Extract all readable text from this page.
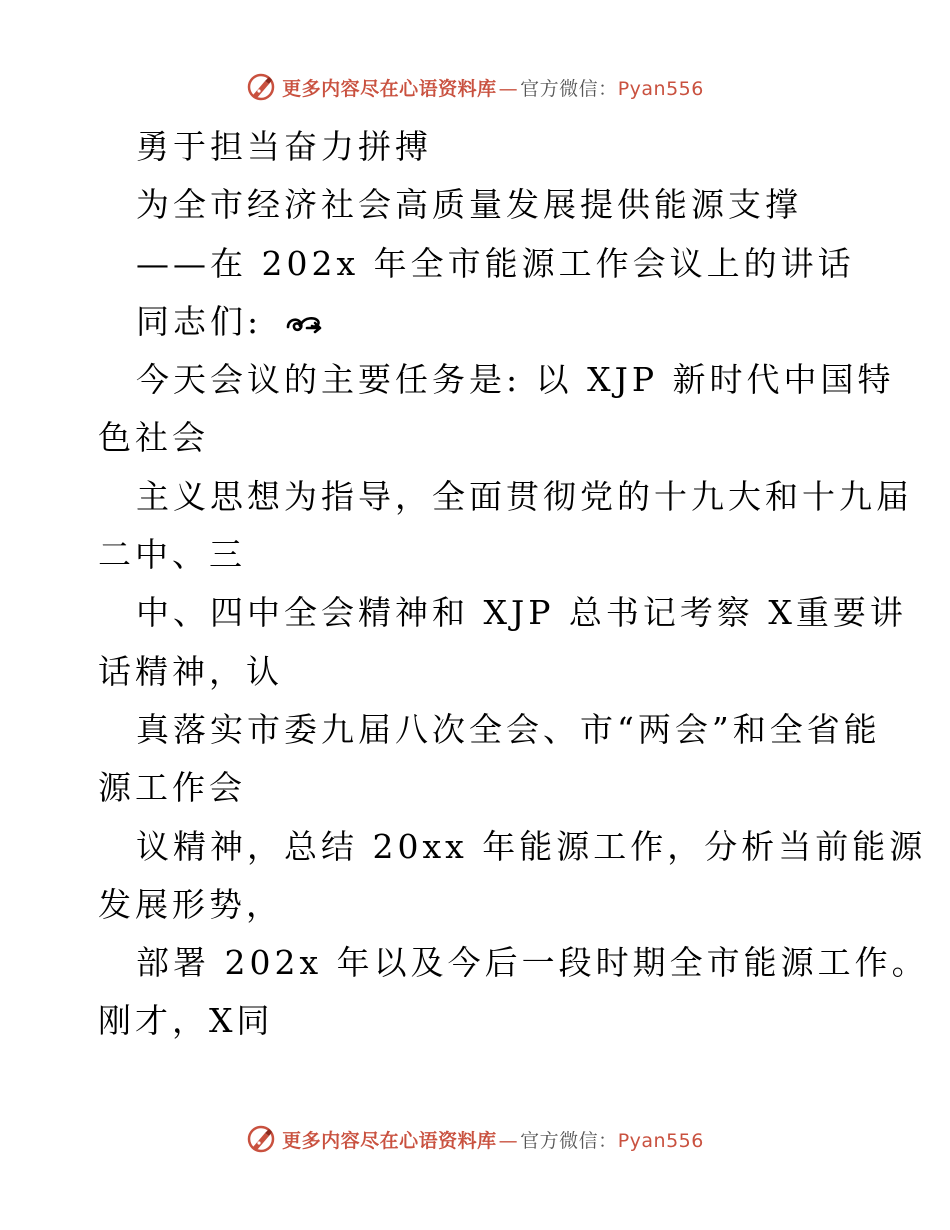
更多内容尽在心语资料库 — 官方微信：Pyan556
勇于担当奋力拼搏
为全市经济社会高质量发展提供能源支撑
——在 202x 年全市能源工作会议上的讲话
同志们:
今天会议的主要任务是: 以 XJP 新时代中国特
色社会
主义思想为指导，全面贯彻党的十九大和十九届
二中、三
中、四中全会精神和 XJP 总书记考察 X重要讲
话精神，认
真落实市委九届八次全会、市“两会”和全省能
源工作会
议精神，总结 20xx 年能源工作，分析当前能源
发展形势，
部署 202x 年以及今后一段时期全市能源工作。
刚才，X同
更多内容尽在心语资料库 — 官方微信：Pyan556
